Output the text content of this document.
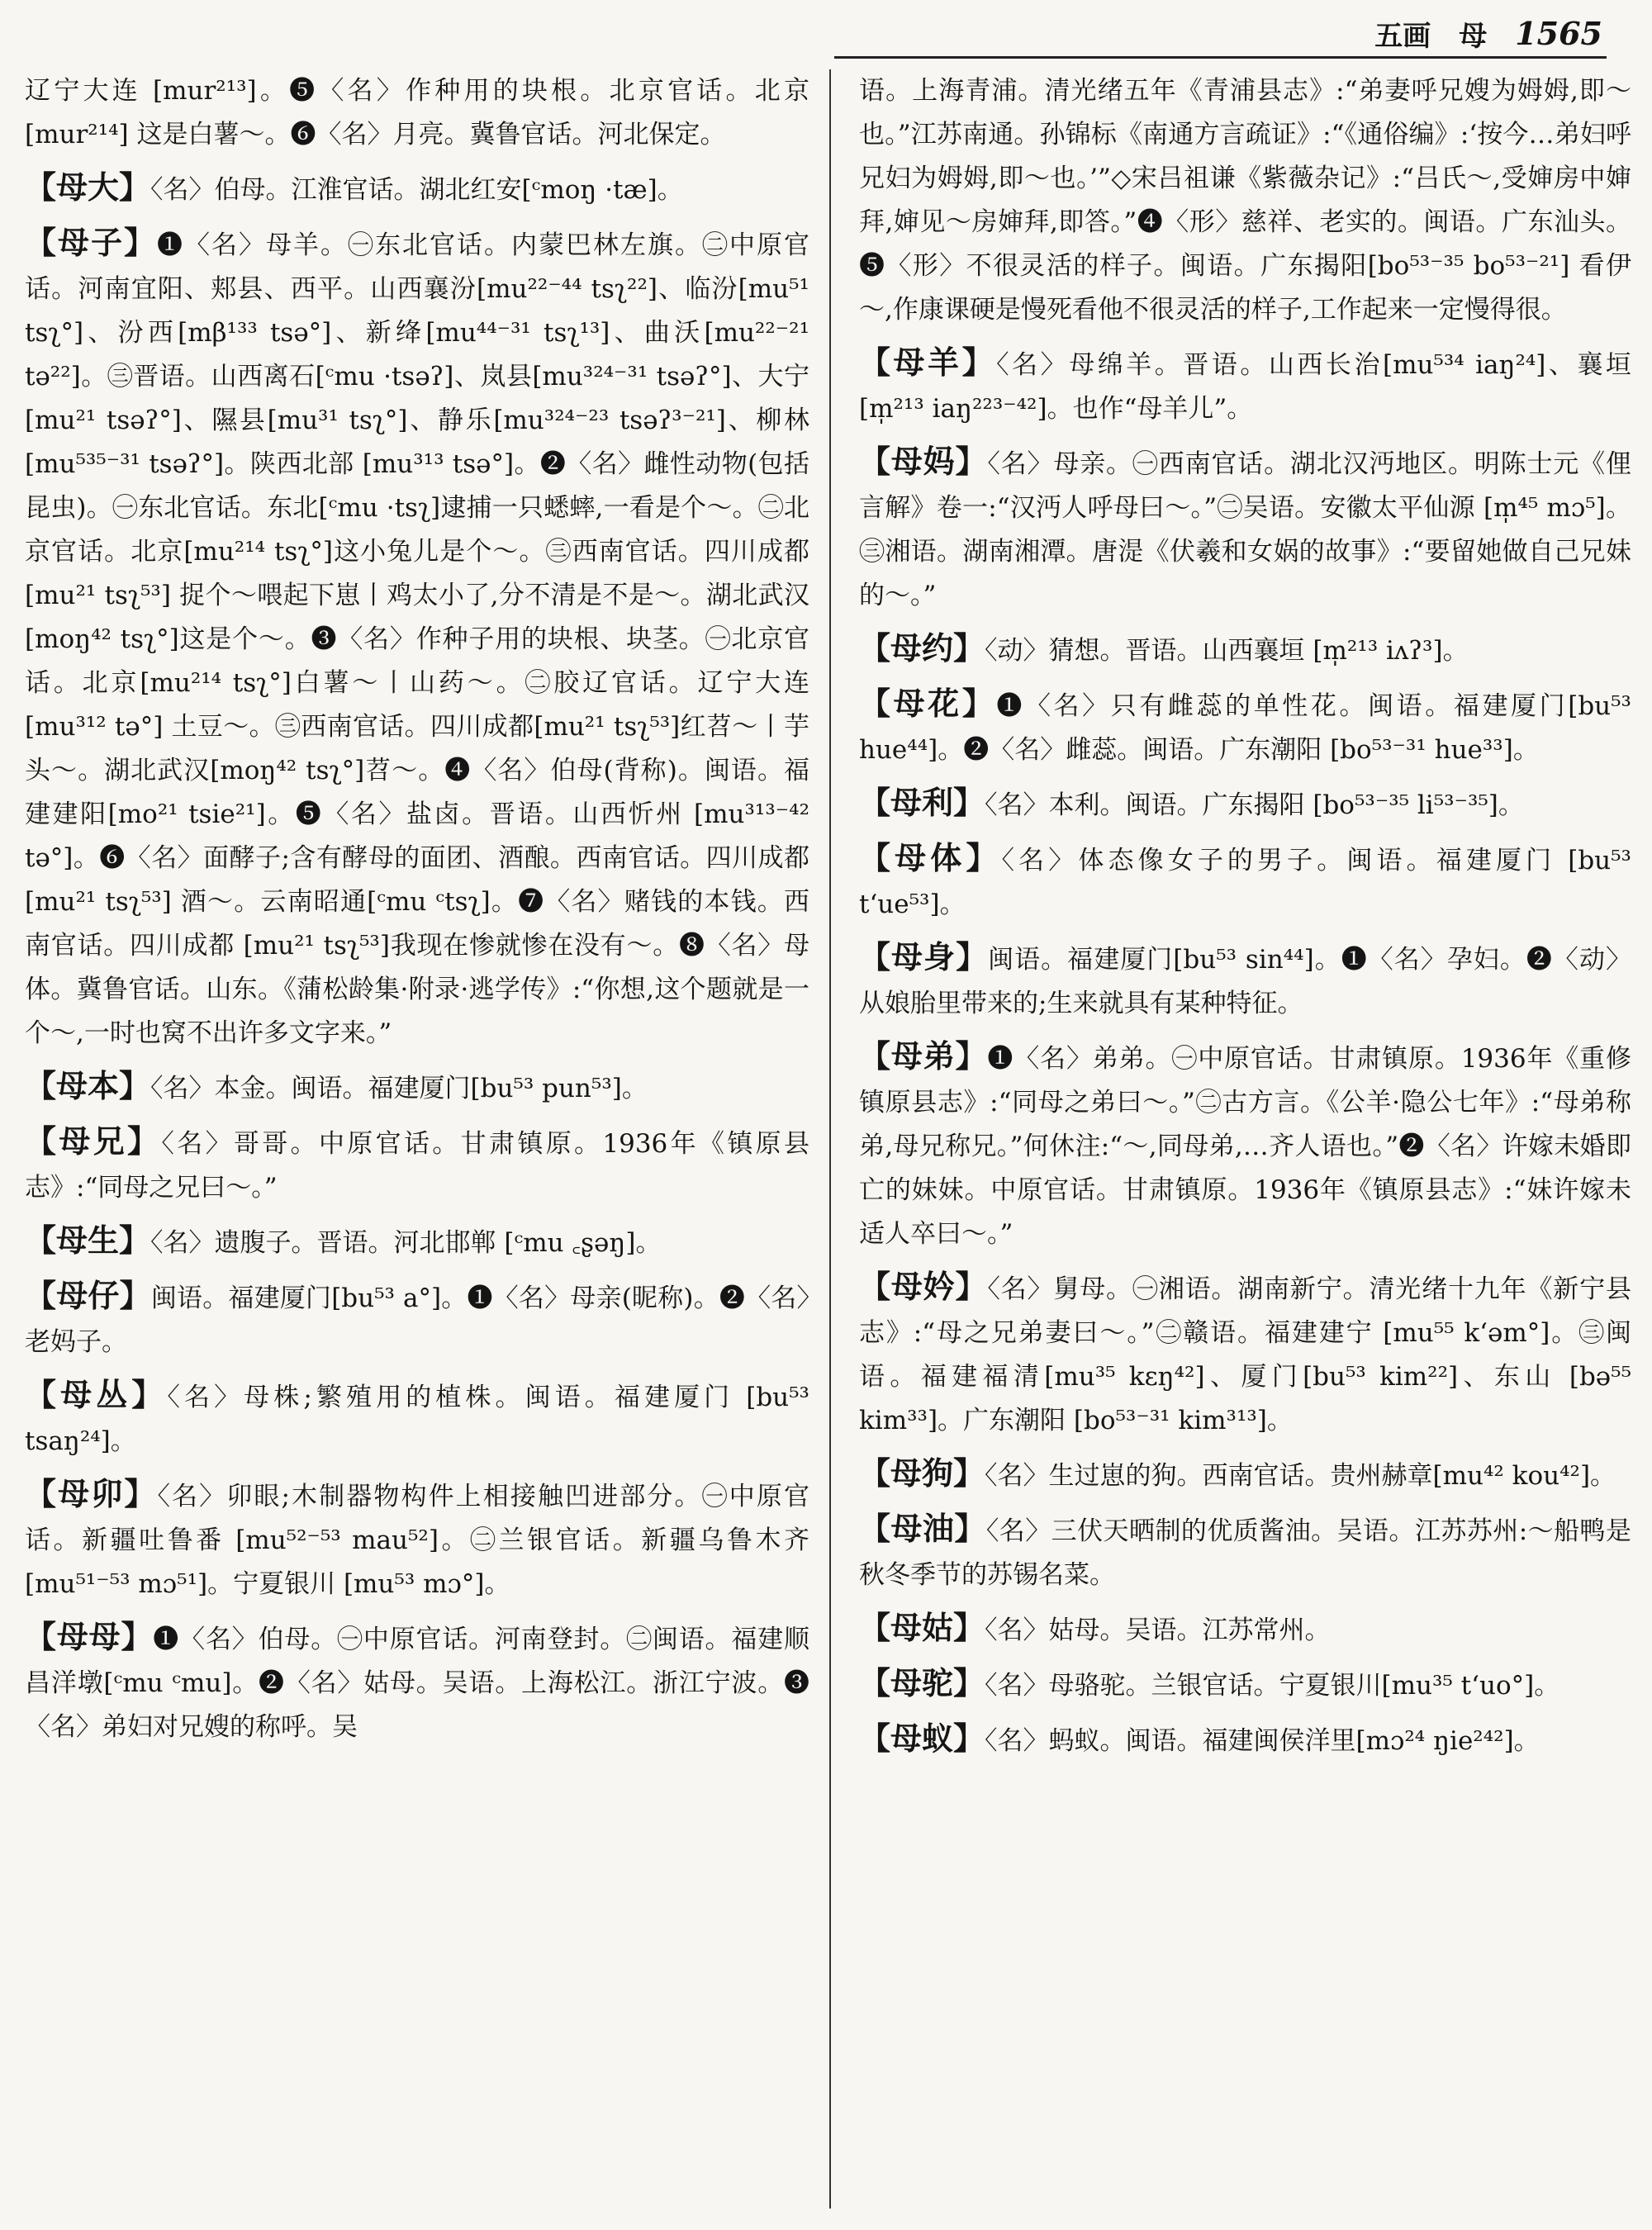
五画 母 1565
辽宁大连 [mur²¹³]。❺〈名〉作种用的块根。北京官话。北京 [mur²¹⁴] 这是白薯～。❻〈名〉月亮。冀鲁官话。河北保定。
【母大】〈名〉伯母。江淮官话。湖北红安[ᶜmoŋ ·tæ]。
【母子】❶〈名〉母羊。㊀东北官话。内蒙巴林左旗。㊁中原官话。河南宜阳、郏县、西平。山西襄汾[mu²²⁻⁴⁴ tsʅ²²]、临汾[mu⁵¹ tsʅ°]、汾西[mβ¹³³ tsə°]、新绛[mu⁴⁴⁻³¹ tsʅ¹³]、曲沃[mu²²⁻²¹ tə²²]。㊂晋语。山西离石[ᶜmu ·tsəʔ]、岚县[mu³²⁴⁻³¹ tsəʔ°]、大宁[mu²¹ tsəʔ°]、隰县[mu³¹ tsʅ°]、静乐[mu³²⁴⁻²³ tsəʔ³⁻²¹]、柳林[mu⁵³⁵⁻³¹ tsəʔ°]。陕西北部 [mu³¹³ tsə°]。❷〈名〉雌性动物(包括昆虫)。㊀东北官话。东北[ᶜmu ·tsʅ]逮捕一只蟋蟀,一看是个～。㊁北京官话。北京[mu²¹⁴ tsʅ°]这小兔儿是个～。㊂西南官话。四川成都[mu²¹ tsʅ⁵³] 捉个～喂起下崽丨鸡太小了,分不清是不是～。湖北武汉[moŋ⁴² tsʅ°]这是个～。❸〈名〉作种子用的块根、块茎。㊀北京官话。北京[mu²¹⁴ tsʅ°]白薯～丨山药～。㊁胶辽官话。辽宁大连 [mu³¹² tə°] 土豆～。㊂西南官话。四川成都[mu²¹ tsʅ⁵³]红苕～丨芋头～。湖北武汉[moŋ⁴² tsʅ°]苕～。❹〈名〉伯母(背称)。闽语。福建建阳[mo²¹ tsie²¹]。❺〈名〉盐卤。晋语。山西忻州 [mu³¹³⁻⁴² tə°]。❻〈名〉面酵子;含有酵母的面团、酒酿。西南官话。四川成都[mu²¹ tsʅ⁵³] 酒～。云南昭通[ᶜmu ᶜtsʅ]。❼〈名〉赌钱的本钱。西南官话。四川成都 [mu²¹ tsʅ⁵³]我现在惨就惨在没有～。❽〈名〉母体。冀鲁官话。山东。《蒲松龄集·附录·逃学传》:“你想,这个题就是一个～,一时也窝不出许多文字来。”
【母本】〈名〉本金。闽语。福建厦门[bu⁵³ pun⁵³]。
【母兄】〈名〉哥哥。中原官话。甘肃镇原。1936年《镇原县志》:“同母之兄曰～。”
【母生】〈名〉遗腹子。晋语。河北邯郸 [ᶜmu ꜀ʂəŋ]。
【母仔】闽语。福建厦门[bu⁵³ a°]。❶〈名〉母亲(昵称)。❷〈名〉老妈子。
【母丛】〈名〉母株;繁殖用的植株。闽语。福建厦门 [bu⁵³ tsaŋ²⁴]。
【母卯】〈名〉卯眼;木制器物构件上相接触凹进部分。㊀中原官话。新疆吐鲁番 [mu⁵²⁻⁵³ mau⁵²]。㊁兰银官话。新疆乌鲁木齐 [mu⁵¹⁻⁵³ mɔ⁵¹]。宁夏银川 [mu⁵³ mɔ°]。
【母母】❶〈名〉伯母。㊀中原官话。河南登封。㊁闽语。福建顺昌洋墩[ᶜmu ᶜmu]。❷〈名〉姑母。吴语。上海松江。浙江宁波。❸〈名〉弟妇对兄嫂的称呼。吴
语。上海青浦。清光绪五年《青浦县志》:“弟妻呼兄嫂为姆姆,即～也。”江苏南通。孙锦标《南通方言疏证》:“《通俗编》:‘按今…弟妇呼兄妇为姆姆,即～也。’”◇宋吕祖谦《紫薇杂记》:“吕氏～,受婶房中婶拜,婶见～房婶拜,即答。”❹〈形〉慈祥、老实的。闽语。广东汕头。❺〈形〉不很灵活的样子。闽语。广东揭阳[bo⁵³⁻³⁵ bo⁵³⁻²¹] 看伊～,作康课硬是慢死看他不很灵活的样子,工作起来一定慢得很。
【母羊】〈名〉母绵羊。晋语。山西长治[mu⁵³⁴ iaŋ²⁴]、襄垣[m̩²¹³ iaŋ²²³⁻⁴²]。也作“母羊儿”。
【母妈】〈名〉母亲。㊀西南官话。湖北汉沔地区。明陈士元《俚言解》卷一:“汉沔人呼母曰～。”㊁吴语。安徽太平仙源 [m̩⁴⁵ mɔ⁵]。㊂湘语。湖南湘潭。唐湜《伏羲和女娲的故事》:“要留她做自己兄妹的～。”
【母约】〈动〉猜想。晋语。山西襄垣 [m̩²¹³ iʌʔ³]。
【母花】❶〈名〉只有雌蕊的单性花。闽语。福建厦门[bu⁵³ hue⁴⁴]。❷〈名〉雌蕊。闽语。广东潮阳 [bo⁵³⁻³¹ hue³³]。
【母利】〈名〉本利。闽语。广东揭阳 [bo⁵³⁻³⁵ li⁵³⁻³⁵]。
【母体】〈名〉体态像女子的男子。闽语。福建厦门 [bu⁵³ tʻue⁵³]。
【母身】闽语。福建厦门[bu⁵³ sin⁴⁴]。❶〈名〉孕妇。❷〈动〉从娘胎里带来的;生来就具有某种特征。
【母弟】❶〈名〉弟弟。㊀中原官话。甘肃镇原。1936年《重修镇原县志》:“同母之弟曰～。”㊁古方言。《公羊·隐公七年》:“母弟称弟,母兄称兄。”何休注:“～,同母弟,…齐人语也。”❷〈名〉许嫁未婚即亡的妹妹。中原官话。甘肃镇原。1936年《镇原县志》:“妹许嫁未适人卒曰～。”
【母妗】〈名〉舅母。㊀湘语。湖南新宁。清光绪十九年《新宁县志》:“母之兄弟妻曰～。”㊁赣语。福建建宁 [mu⁵⁵ kʻəm°]。㊂闽语。福建福清[mu³⁵ kɛŋ⁴²]、厦门[bu⁵³ kim²²]、东山 [bə⁵⁵ kim³³]。广东潮阳 [bo⁵³⁻³¹ kim³¹³]。
【母狗】〈名〉生过崽的狗。西南官话。贵州赫章[mu⁴² kou⁴²]。
【母油】〈名〉三伏天晒制的优质酱油。吴语。江苏苏州:～船鸭是秋冬季节的苏锡名菜。
【母姑】〈名〉姑母。吴语。江苏常州。
【母驼】〈名〉母骆驼。兰银官话。宁夏银川[mu³⁵ tʻuo°]。
【母蚁】〈名〉蚂蚁。闽语。福建闽侯洋里[mɔ²⁴ ŋie²⁴²]。
